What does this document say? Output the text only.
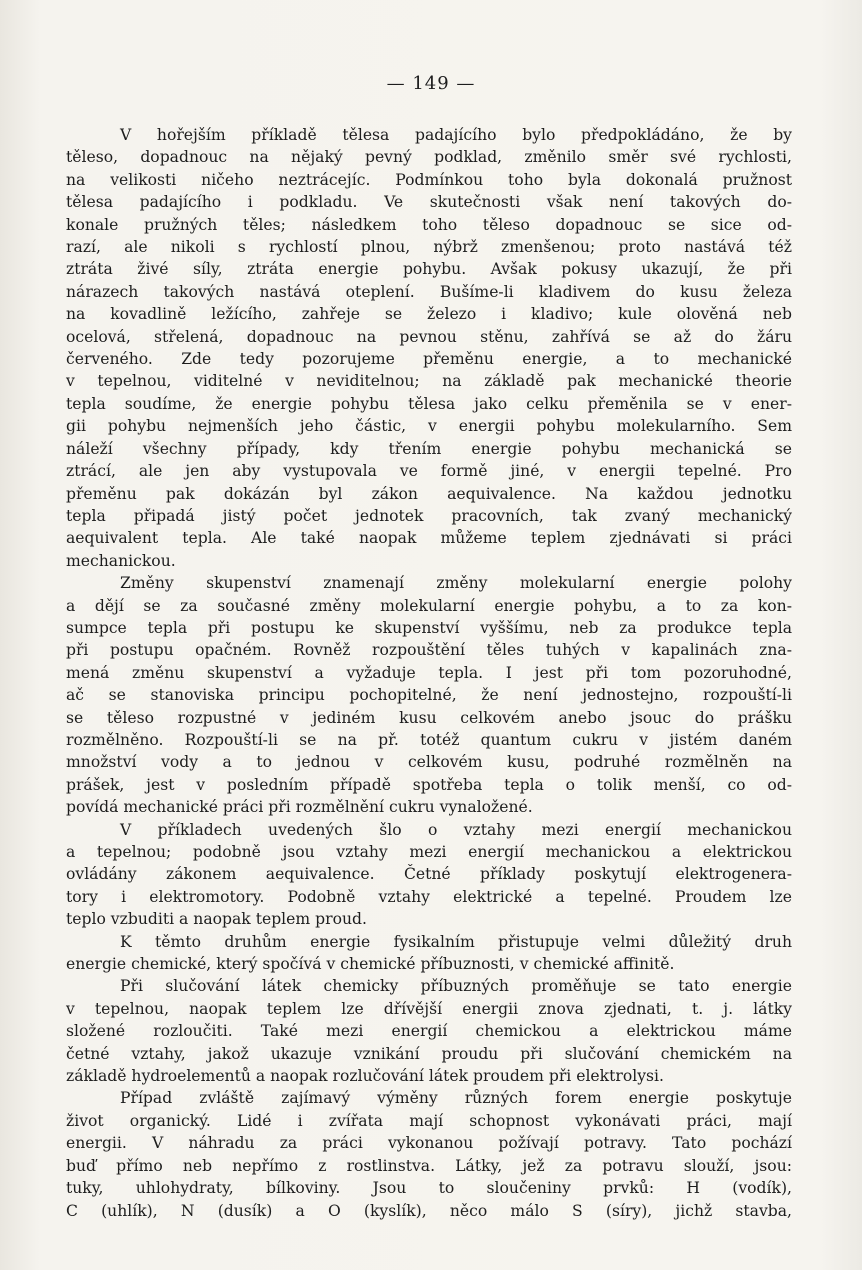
— 149 —
V hořejším příkladě tělesa padajícího bylo předpokládáno, že by
těleso, dopadnouc na nějaký pevný podklad, změnilo směr své rychlosti,
na velikosti ničeho neztrácejíc. Podmínkou toho byla dokonalá pružnost
tělesa padajícího i podkladu. Ve skutečnosti však není takových do-
konale pružných těles; následkem toho těleso dopadnouc se sice od-
razí, ale nikoli s rychlostí plnou, nýbrž zmenšenou; proto nastává též
ztráta živé síly, ztráta energie pohybu. Avšak pokusy ukazují, že při
nárazech takových nastává oteplení. Bušíme-li kladivem do kusu železa
na kovadlině ležícího, zahřeje se železo i kladivo; kule olověná neb
ocelová, střelená, dopadnouc na pevnou stěnu, zahřívá se až do žáru
červeného. Zde tedy pozorujeme přeměnu energie, a to mechanické
v tepelnou, viditelné v neviditelnou; na základě pak mechanické theorie
tepla soudíme, že energie pohybu tělesa jako celku přeměnila se v ener-
gii pohybu nejmenších jeho částic, v energii pohybu molekularního. Sem
náleží všechny případy, kdy třením energie pohybu mechanická se
ztrácí, ale jen aby vystupovala ve formě jiné, v energii tepelné. Pro
přeměnu pak dokázán byl zákon aequivalence. Na každou jednotku
tepla připadá jistý počet jednotek pracovních, tak zvaný mechanický
aequivalent tepla. Ale také naopak můžeme teplem zjednávati si práci
mechanickou.
Změny skupenství znamenají změny molekularní energie polohy
a dějí se za současné změny molekularní energie pohybu, a to za kon-
sumpce tepla při postupu ke skupenství vyššímu, neb za produkce tepla
při postupu opačném. Rovněž rozpouštění těles tuhých v kapalinách zna-
mená změnu skupenství a vyžaduje tepla. I jest při tom pozoruhodné,
ač se stanoviska principu pochopitelné, že není jednostejno, rozpouští-li
se těleso rozpustné v jediném kusu celkovém anebo jsouc do prášku
rozmělněno. Rozpouští-li se na př. totéž quantum cukru v jistém daném
množství vody a to jednou v celkovém kusu, podruhé rozmělněn na
prášek, jest v posledním případě spotřeba tepla o tolik menší, co od-
povídá mechanické práci při rozmělnění cukru vynaložené.
V příkladech uvedených šlo o vztahy mezi energií mechanickou
a tepelnou; podobně jsou vztahy mezi energií mechanickou a elektrickou
ovládány zákonem aequivalence. Četné příklady poskytují elektrogenera-
tory i elektromotory. Podobně vztahy elektrické a tepelné. Proudem lze
teplo vzbuditi a naopak teplem proud.
K těmto druhům energie fysikalním přistupuje velmi důležitý druh
energie chemické, který spočívá v chemické příbuznosti, v chemické affinitě.
Při slučování látek chemicky příbuzných proměňuje se tato energie
v tepelnou, naopak teplem lze dřívější energii znova zjednati, t. j. látky
složené rozloučiti. Také mezi energií chemickou a elektrickou máme
četné vztahy, jakož ukazuje vznikání proudu při slučování chemickém na
základě hydroelementů a naopak rozlučování látek proudem při elektrolysi.
Případ zvláště zajímavý výměny různých forem energie poskytuje
život organický. Lidé i zvířata mají schopnost vykonávati práci, mají
energii. V náhradu za práci vykonanou požívají potravy. Tato pochází
buď přímo neb nepřímo z rostlinstva. Látky, jež za potravu slouží, jsou:
tuky, uhlohydraty, bílkoviny. Jsou to sloučeniny prvků: H (vodík),
C (uhlík), N (dusík) a O (kyslík), něco málo S (síry), jichž stavba,
